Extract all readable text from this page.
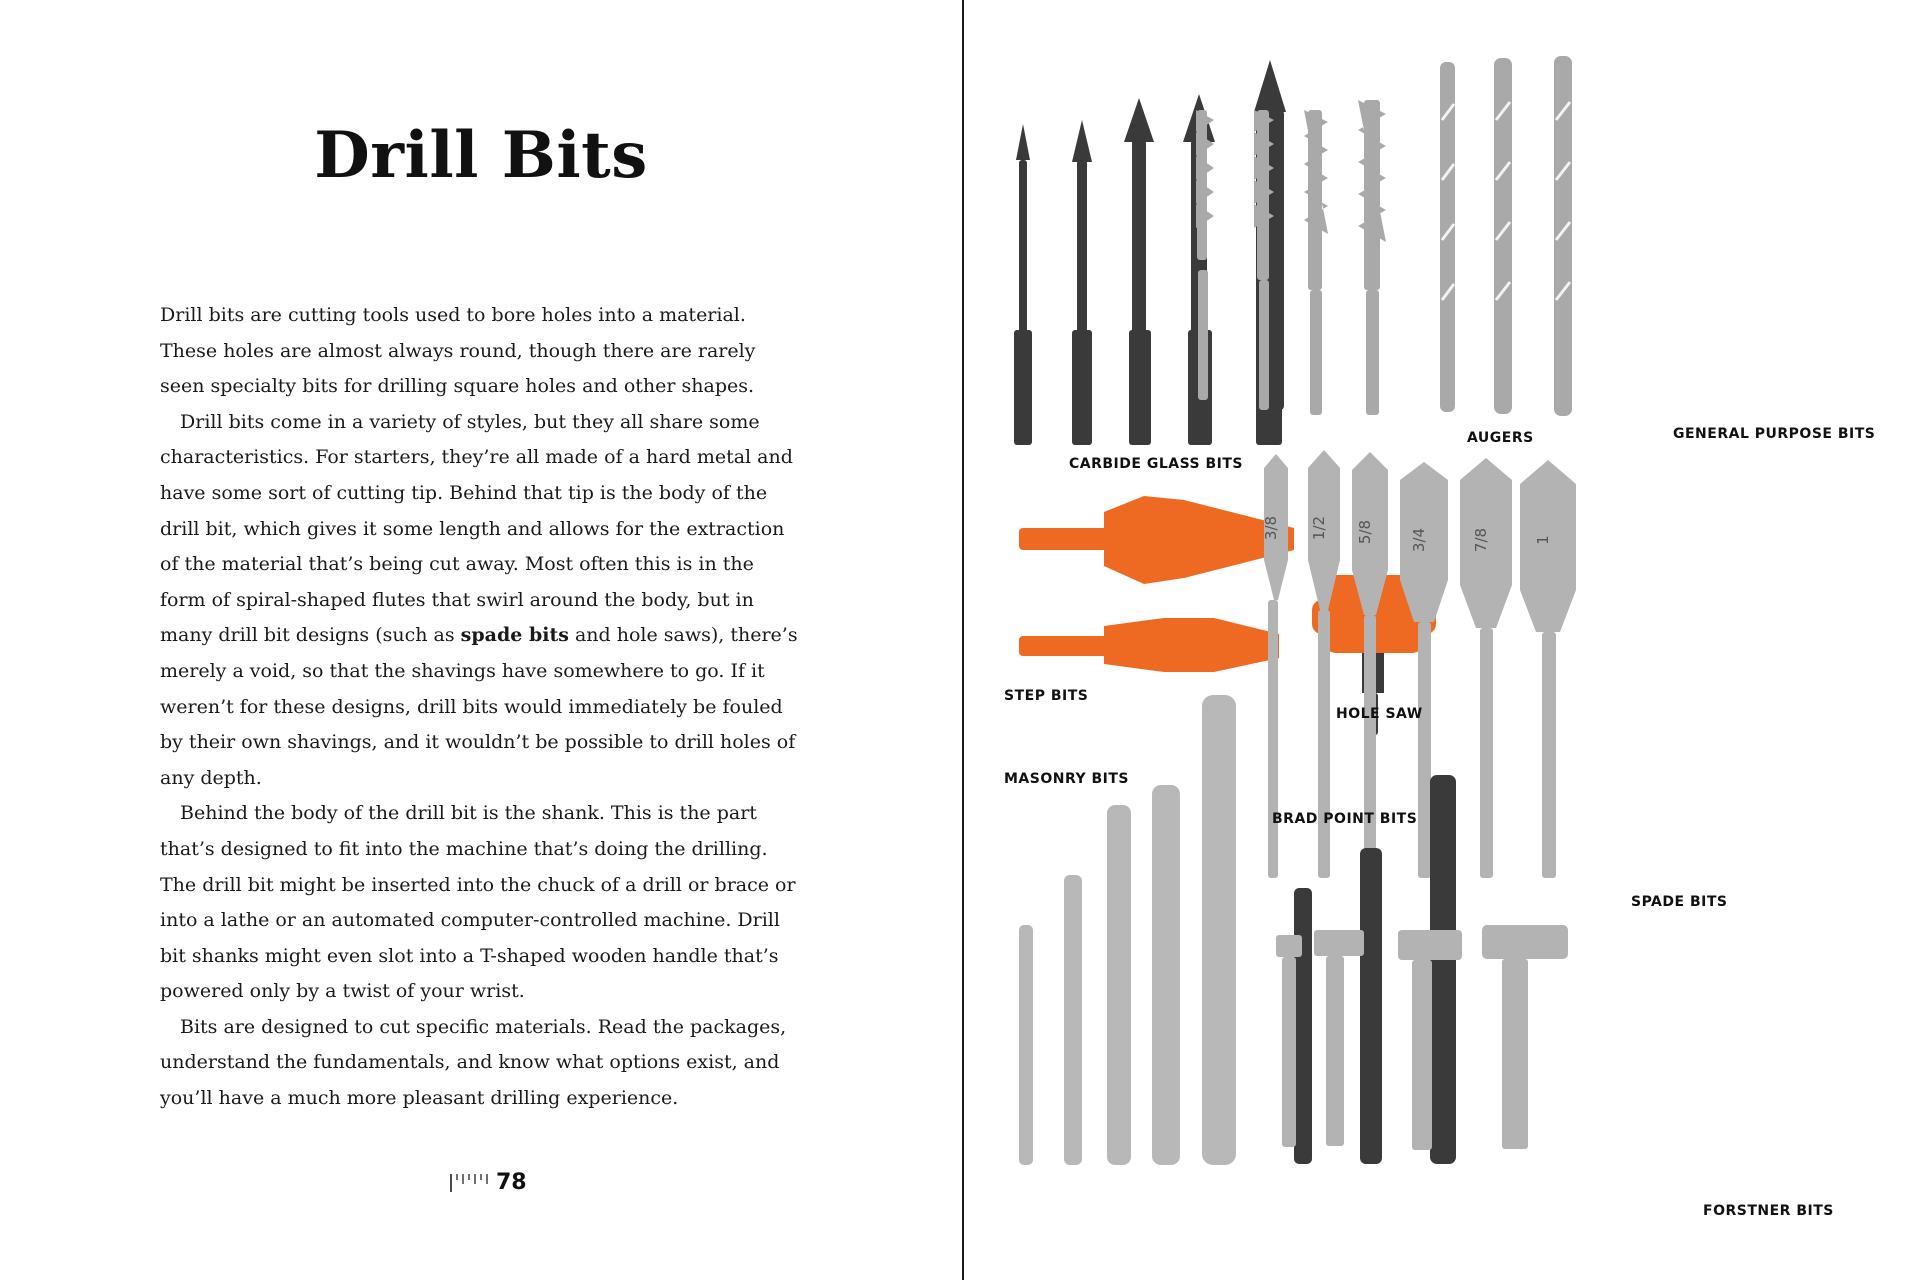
Drill Bits

Drill bits are cutting tools used to bore holes into a material. These holes are almost always round, though there are rarely seen specialty bits for drilling square holes and other shapes.

Drill bits come in a variety of styles, but they all share some characteristics. For starters, they’re all made of a hard metal and have some sort of cutting tip. Behind that tip is the body of the drill bit, which gives it some length and allows for the extraction of the material that’s being cut away. Most often this is in the form of spiral-shaped flutes that swirl around the body, but in many drill bit designs (such as spade bits and hole saws), there’s merely a void, so that the shavings have somewhere to go. If it weren’t for these designs, drill bits would immediately be fouled by their own shavings, and it wouldn’t be possible to drill holes of any depth.

Behind the body of the drill bit is the shank. This is the part that’s designed to fit into the machine that’s doing the drilling. The drill bit might be inserted into the chuck of a drill or brace or into a lathe or an automated computer-controlled machine. Drill bit shanks might even slot into a T-shaped wooden handle that’s powered only by a twist of your wrist.

Bits are designed to cut specific materials. Read the packages, understand the fundamentals, and know what options exist, and you’ll have a much more pleasant drilling experience.

78
3/8 1/2 5/8 3/4	7/8	1
CARBIDE GLASS BITS
AUGERS	GENERAL PURPOSE BITS
STEP BITS
HOLE SAW
MASONRY BITS
BRAD POINT BITS
SPADE BITS
FORSTNER BITS
